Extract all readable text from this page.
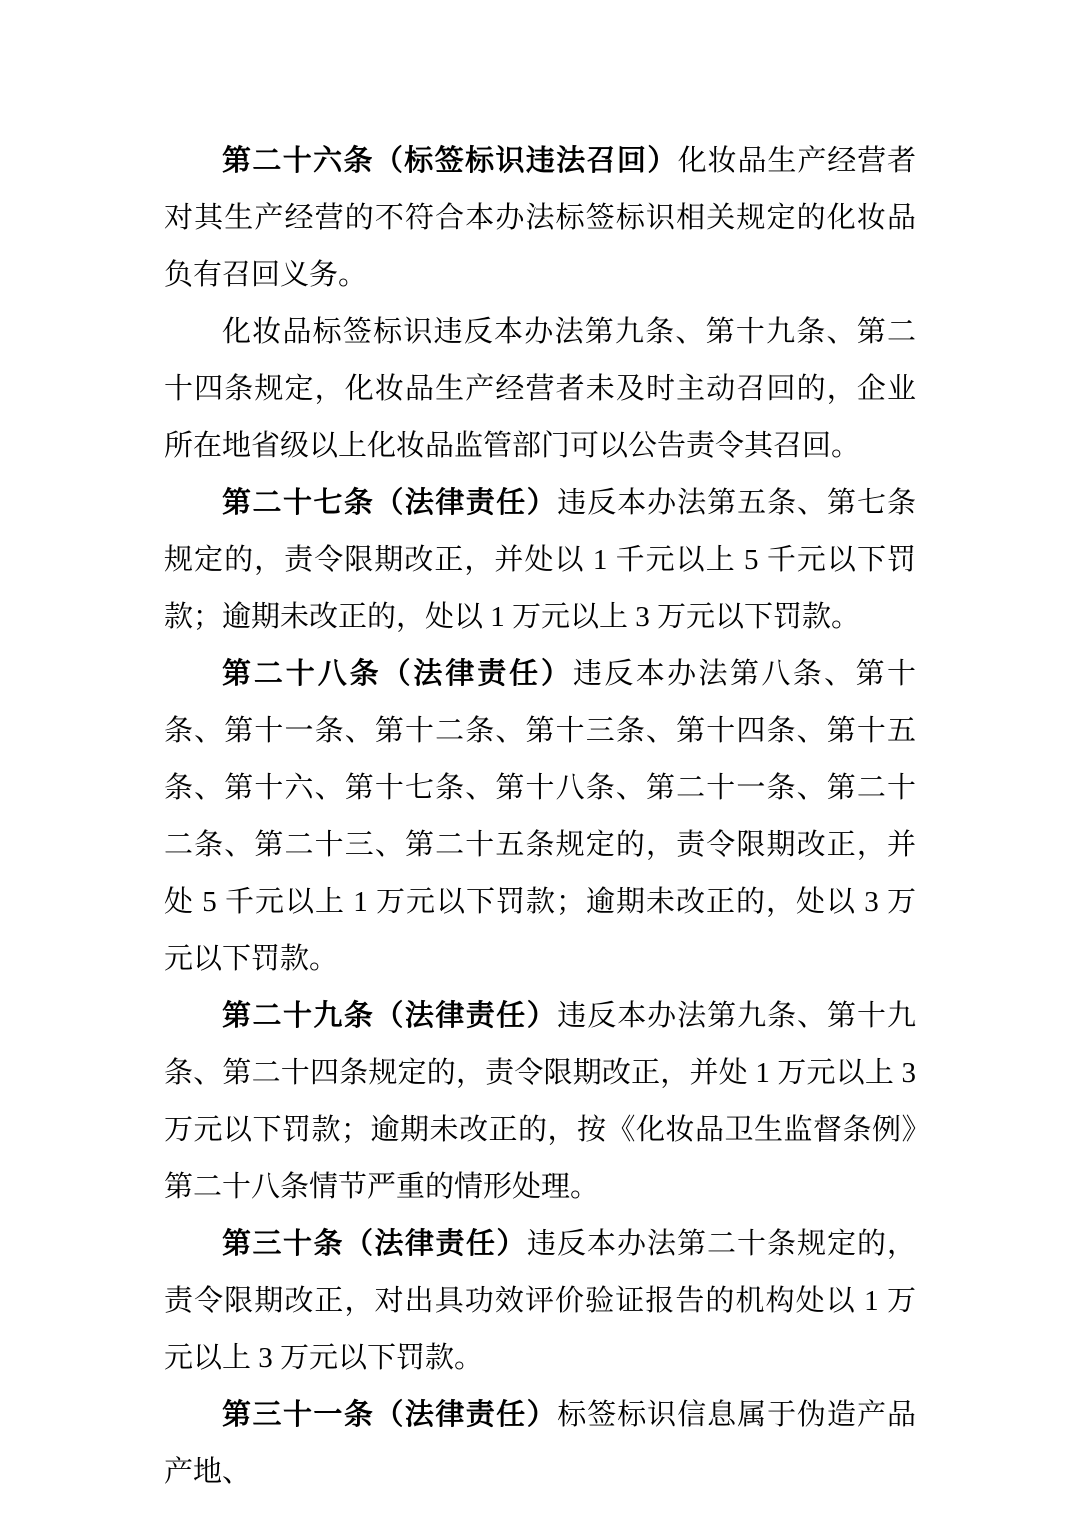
第二十六条（标签标识违法召回）化妆品生产经营者对其生产经营的不符合本办法标签标识相关规定的化妆品负有召回义务。

化妆品标签标识违反本办法第九条、第十九条、第二十四条规定，化妆品生产经营者未及时主动召回的，企业所在地省级以上化妆品监管部门可以公告责令其召回。

第二十七条（法律责任）违反本办法第五条、第七条规定的，责令限期改正，并处以 1 千元以上 5 千元以下罚款；逾期未改正的，处以 1 万元以上 3 万元以下罚款。

第二十八条（法律责任）违反本办法第八条、第十条、第十一条、第十二条、第十三条、第十四条、第十五条、第十六、第十七条、第十八条、第二十一条、第二十二条、第二十三、第二十五条规定的，责令限期改正，并处 5 千元以上 1 万元以下罚款；逾期未改正的，处以 3 万元以下罚款。

第二十九条（法律责任）违反本办法第九条、第十九条、第二十四条规定的，责令限期改正，并处 1 万元以上 3 万元以下罚款；逾期未改正的，按《化妆品卫生监督条例》第二十八条情节严重的情形处理。

第三十条（法律责任）违反本办法第二十条规定的，责令限期改正，对出具功效评价验证报告的机构处以 1 万元以上 3 万元以下罚款。

第三十一条（法律责任）标签标识信息属于伪造产品产地、
